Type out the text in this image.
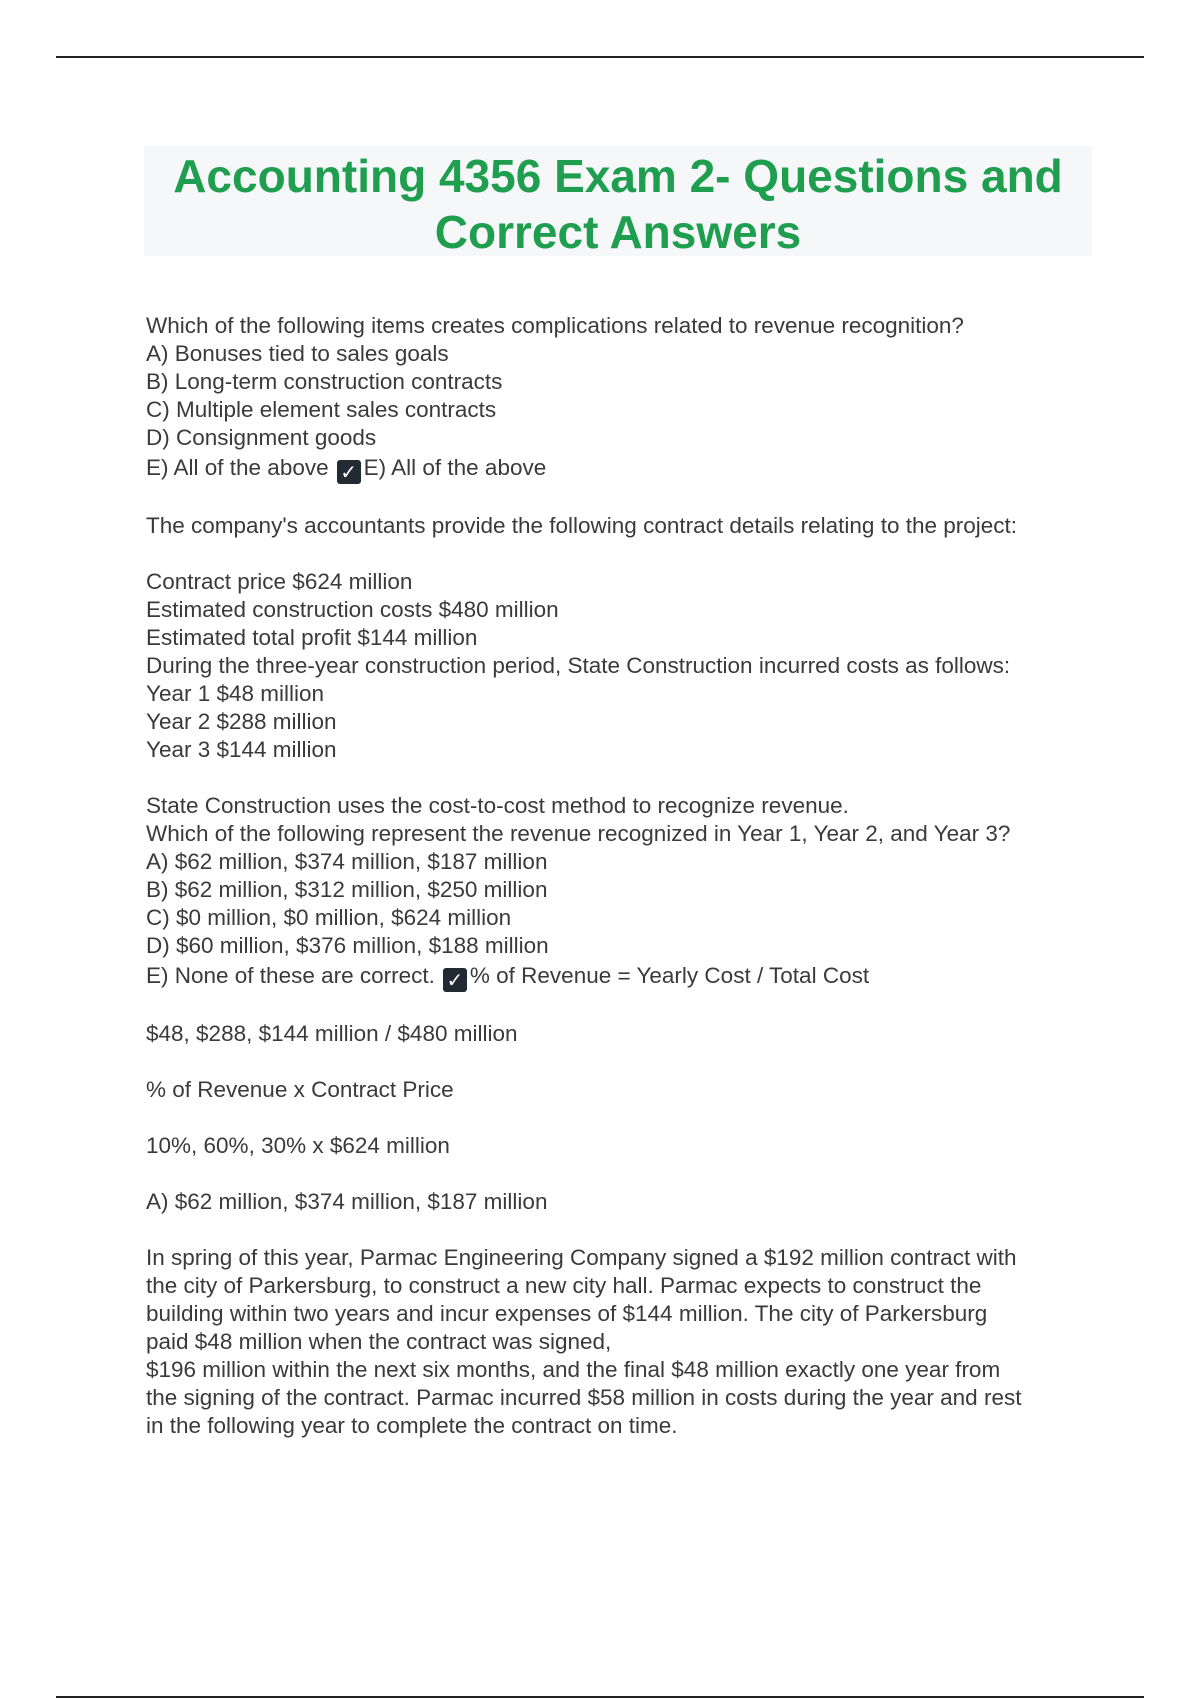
Accounting 4356 Exam 2- Questions and Correct Answers
Which of the following items creates complications related to revenue recognition?
A) Bonuses tied to sales goals
B) Long-term construction contracts
C) Multiple element sales contracts
D) Consignment goods
E) All of the above ✓ E) All of the above
The company's accountants provide the following contract details relating to the project:
Contract price $624 million
Estimated construction costs $480 million
Estimated total profit $144 million
During the three-year construction period, State Construction incurred costs as follows:
Year 1 $48 million
Year 2 $288 million
Year 3 $144 million
State Construction uses the cost-to-cost method to recognize revenue.
Which of the following represent the revenue recognized in Year 1, Year 2, and Year 3?
A) $62 million, $374 million, $187 million
B) $62 million, $312 million, $250 million
C) $0 million, $0 million, $624 million
D) $60 million, $376 million, $188 million
E) None of these are correct. ✓ % of Revenue = Yearly Cost / Total Cost
$48, $288, $144 million / $480 million
% of Revenue x Contract Price
10%, 60%, 30% x $624 million
A) $62 million, $374 million, $187 million
In spring of this year, Parmac Engineering Company signed a $192 million contract with
the city of Parkersburg, to construct a new city hall. Parmac expects to construct the
building within two years and incur expenses of $144 million. The city of Parkersburg
paid $48 million when the contract was signed,
$196 million within the next six months, and the final $48 million exactly one year from
the signing of the contract. Parmac incurred $58 million in costs during the year and rest
in the following year to complete the contract on time.
